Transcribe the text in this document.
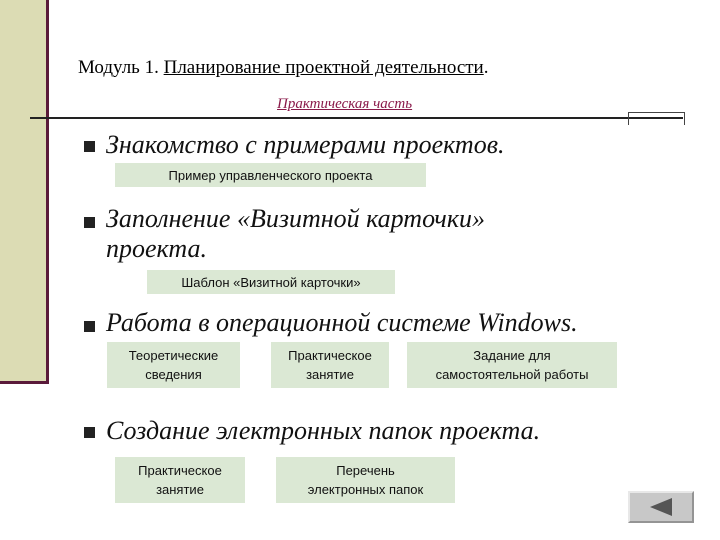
Модуль 1. Планирование проектной деятельности.
Практическая часть
Знакомство с примерами проектов.
Пример управленческого проекта
Заполнение «Визитной карточки»
проекта.
Шаблон «Визитной карточки»
Работа в операционной системе Windows.
Теоретические
сведения
Практическое
занятие
Задание для
самостоятельной работы
Создание электронных папок проекта.
Практическое
занятие
Перечень
электронных папок
